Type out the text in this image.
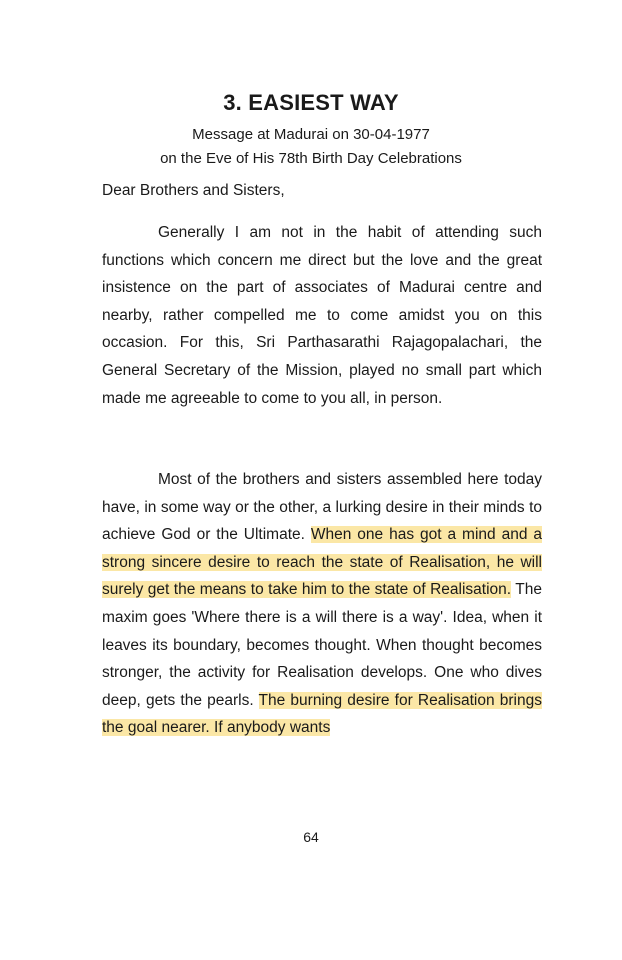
3. EASIEST WAY
Message at Madurai on 30-04-1977
on the Eve of His 78th Birth Day Celebrations
Dear Brothers and Sisters,

Generally I am not in the habit of attending such functions which concern me direct but the love and the great insistence on the part of associates of Madurai centre and nearby, rather compelled me to come amidst you on this occasion. For this, Sri Parthasarathi Rajagopalachari, the General Secretary of the Mission, played no small part which made me agreeable to come to you all, in person.

Most of the brothers and sisters assembled here today have, in some way or the other, a lurking desire in their minds to achieve God or the Ultimate. When one has got a mind and a strong sincere desire to reach the state of Realisation, he will surely get the means to take him to the state of Realisation. The maxim goes 'Where there is a will there is a way'. Idea, when it leaves its boundary, becomes thought. When thought becomes stronger, the activity for Realisation develops. One who dives deep, gets the pearls. The burning desire for Realisation brings the goal nearer. If anybody wants

64
